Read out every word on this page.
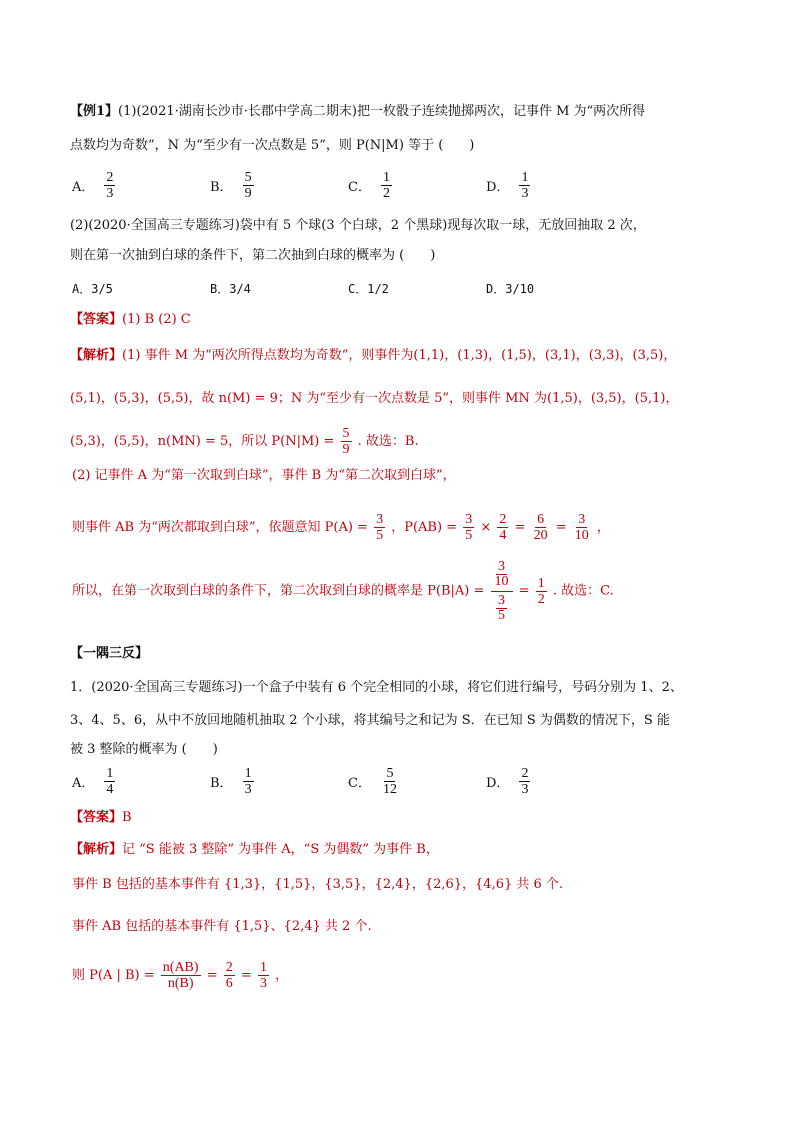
【例1】(1)(2021·湖南长沙市·长郡中学高二期末)把一枚骰子连续抛掷两次，记事件 M 为“两次所得
点数均为奇数”，N 为“至少有一次点数是 5”，则 P(N|M) 等于 (　　)
A． $\frac{2}{3}$	B． $\frac{5}{9}$	C． $\frac{1}{2}$	D． $\frac{1}{3}$
(2)(2020·全国高三专题练习)袋中有 5 个球(3 个白球，2 个黑球)现每次取一球，无放回抽取 2 次，
则在第一次抽到白球的条件下，第二次抽到白球的概率为 (　　)
A．3/5	B．3/4	C．1/2	D．3/10
【答案】(1) B (2) C
【解析】(1) 事件 M 为“两次所得点数均为奇数”，则事件为(1,1)，(1,3)，(1,5)，(3,1)，(3,3)，(3,5)，
(5,1)，(5,3)，(5,5)，故 n(M) = 9；N 为“至少有一次点数是 5”，则事件 MN 为(1,5)，(3,5)，(5,1)，
(5,3)，(5,5)，n(MN) = 5，所以 $P(N|M) = \frac{5}{9}$ . 故选：B.
(2) 记事件 A 为“第一次取到白球”，事件 B 为“第二次取到白球”，
则事件 AB 为“两次都取到白球”，依题意知 $P(A) = \frac{3}{5}$ ，$P(AB) = \frac{3}{5} \times \frac{2}{4} = \frac{6}{20} = \frac{3}{10}$ ，
所以，在第一次取到白球的条件下，第二次取到白球的概率是 $P(B|A) = \frac{\frac{3}{10}}{\frac{3}{5}} = \frac{1}{2}$ . 故选：C.
【一隅三反】
1．(2020·全国高三专题练习)一个盒子中装有 6 个完全相同的小球，将它们进行编号，号码分别为 1、2、
3、4、5、6，从中不放回地随机抽取 2 个小球，将其编号之和记为 S．在已知 S 为偶数的情况下，S 能
被 3 整除的概率为 (　　)
A． $\frac{1}{4}$	B． $\frac{1}{3}$	C． $\frac{5}{12}$	D． $\frac{2}{3}$
【答案】B
【解析】记 “S 能被 3 整除” 为事件 A，“S 为偶数” 为事件 B，
事件 B 包括的基本事件有 {1,3}，{1,5}，{3,5}，{2,4}，{2,6}，{4,6} 共 6 个.
事件 AB 包括的基本事件有 {1,5}、{2,4} 共 2 个.
则 P(A | $B) = \frac{n(AB)}{n(B)} = \frac{2}{6} = \frac{1}{3}$ ，
